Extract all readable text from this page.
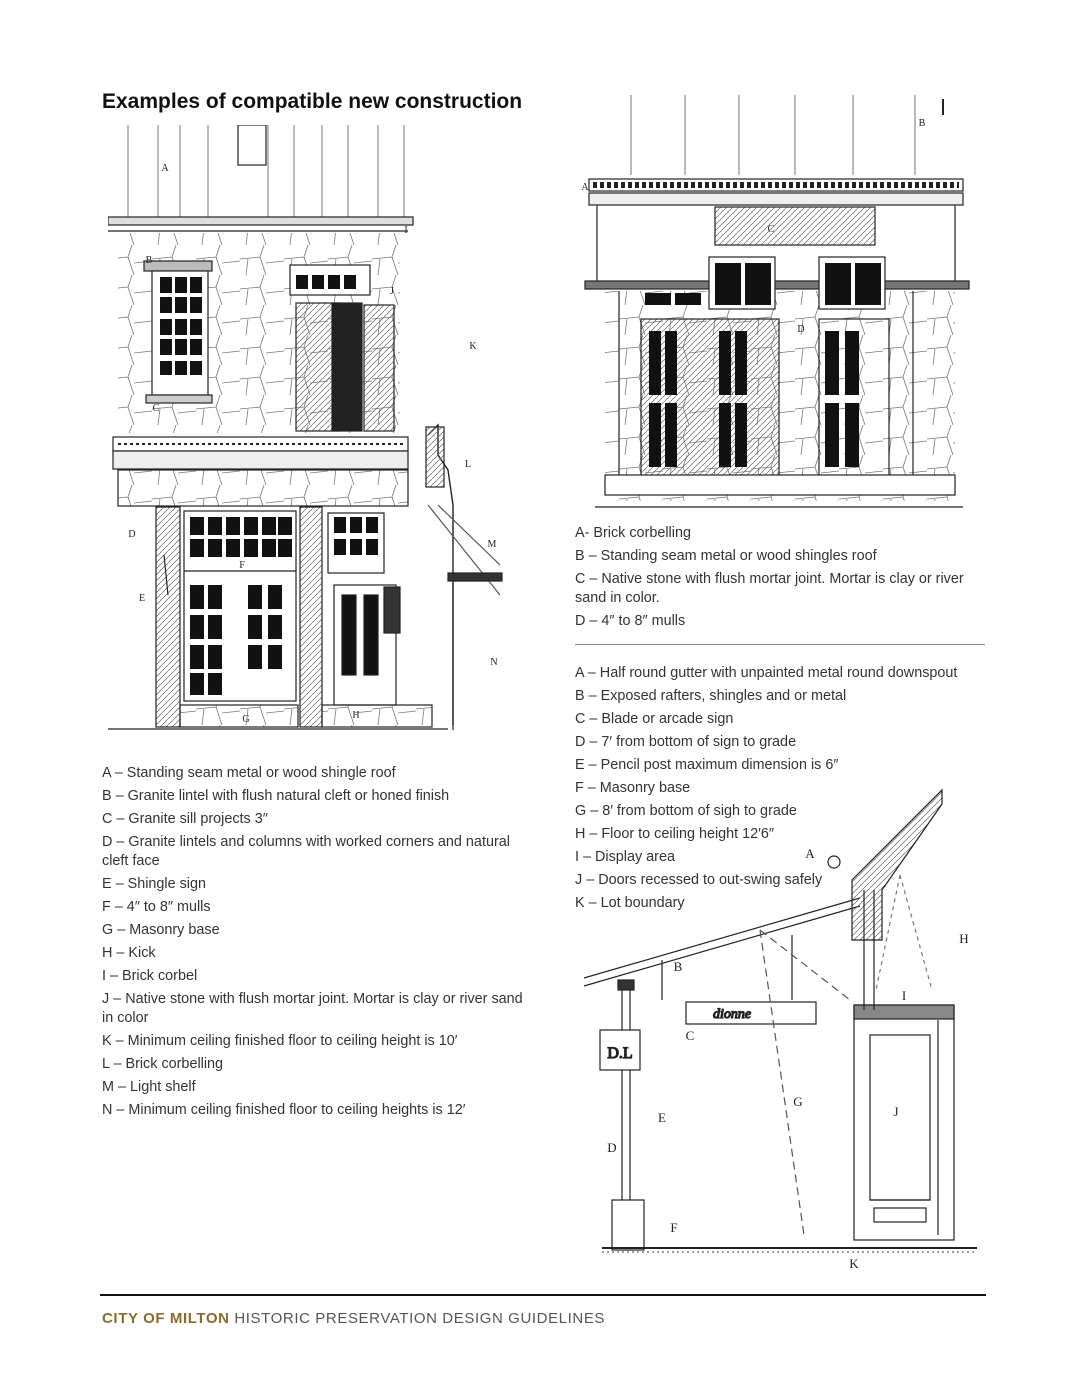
Examples of compatible new construction
A
B
C
D
E
F
G	H
I
J
K
L
M
N
A
B
C
D
D.L
dionne
A
B
C
D
E
F
G
H
I
J
K
A- Brick corbelling
B – Standing seam metal or wood shingles roof
C – Native stone with flush mortar joint. Mortar is clay or river sand in color.
D – 4″ to 8″ mulls
A – Half round gutter with unpainted metal round downspout
B – Exposed rafters, shingles and or metal
C – Blade or arcade sign
D – 7′ from bottom of sign to grade
E – Pencil post maximum dimension is 6″
F – Masonry base
G – 8′ from bottom of sigh to grade
H – Floor to ceiling height 12′6″
I – Display area
J – Doors recessed to out-swing safely
K – Lot boundary
A – Standing seam metal or wood shingle roof
B – Granite lintel with flush natural cleft or honed finish
C – Granite sill projects 3″
D – Granite lintels and columns with worked corners and natural cleft face
E – Shingle sign
F – 4″ to 8″ mulls
G – Masonry base
H – Kick
I – Brick corbel
J – Native stone with flush mortar joint. Mortar is clay or river sand in color
K – Minimum ceiling finished floor to ceiling height is 10′
L – Brick corbelling
M – Light shelf
N – Minimum ceiling finished floor to ceiling heights is 12′
CITY OF MILTON HISTORIC PRESERVATION DESIGN GUIDELINES
